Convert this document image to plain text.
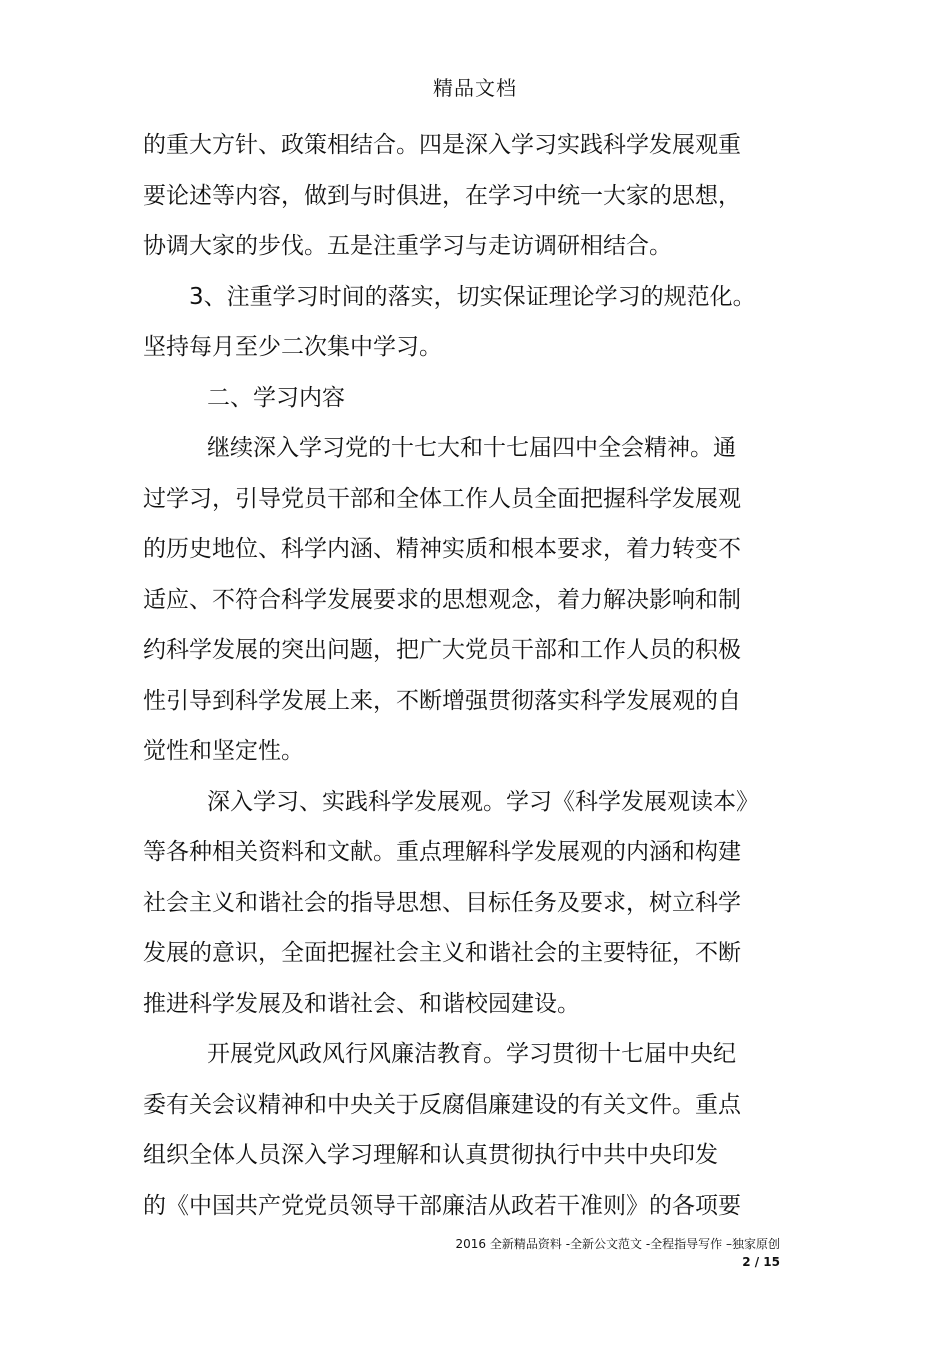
精品文档
的重大方针、政策相结合。四是深入学习实践科学发展观重
要论述等内容，做到与时俱进，在学习中统一大家的思想，
协调大家的步伐。五是注重学习与走访调研相结合。
3、注重学习时间的落实，切实保证理论学习的规范化。
坚持每月至少二次集中学习。
二、学习内容
继续深入学习党的十七大和十七届四中全会精神。通
过学习，引导党员干部和全体工作人员全面把握科学发展观
的历史地位、科学内涵、精神实质和根本要求，着力转变不
适应、不符合科学发展要求的思想观念，着力解决影响和制
约科学发展的突出问题，把广大党员干部和工作人员的积极
性引导到科学发展上来，不断增强贯彻落实科学发展观的自
觉性和坚定性。
深入学习、实践科学发展观。学习《科学发展观读本》
等各种相关资料和文献。重点理解科学发展观的内涵和构建
社会主义和谐社会的指导思想、目标任务及要求，树立科学
发展的意识，全面把握社会主义和谐社会的主要特征，不断
推进科学发展及和谐社会、和谐校园建设。
开展党风政风行风廉洁教育。学习贯彻十七届中央纪
委有关会议精神和中央关于反腐倡廉建设的有关文件。重点
组织全体人员深入学习理解和认真贯彻执行中共中央印发
的《中国共产党党员领导干部廉洁从政若干准则》的各项要
2016 全新精品资料 -全新公文范文 -全程指导写作 –独家原创
2 / 15
